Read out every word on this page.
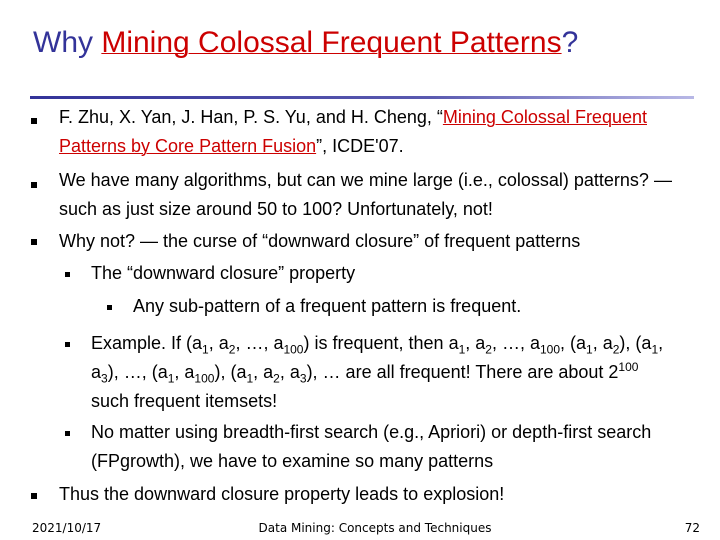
Why Mining Colossal Frequent Patterns?
F. Zhu, X. Yan, J. Han, P. S. Yu, and H. Cheng, “Mining Colossal Frequent Patterns by Core Pattern Fusion”, ICDE'07.
We have many algorithms, but can we mine large (i.e., colossal) patterns? ― such as just size around 50 to 100? Unfortunately, not!
Why not? ― the curse of “downward closure” of frequent patterns
The “downward closure” property
Any sub-pattern of a frequent pattern is frequent.
Example. If ($a_1$, $a_2$, …, $a_{100}$) is frequent, then $a_1$, $a_2$, …, $a_{100}$, ($a_1$, $a_2$), ($a_1$, $a_3$), …, ($a_1$, $a_{100}$), ($a_1$, $a_2$, $a_3$), … are all frequent! There are about $2^{100}$ such frequent itemsets!
No matter using breadth-first search (e.g., Apriori) or depth-first search (FPgrowth), we have to examine so many patterns
Thus the downward closure property leads to explosion!
2021/10/17	Data Mining: Concepts and Techniques	72
